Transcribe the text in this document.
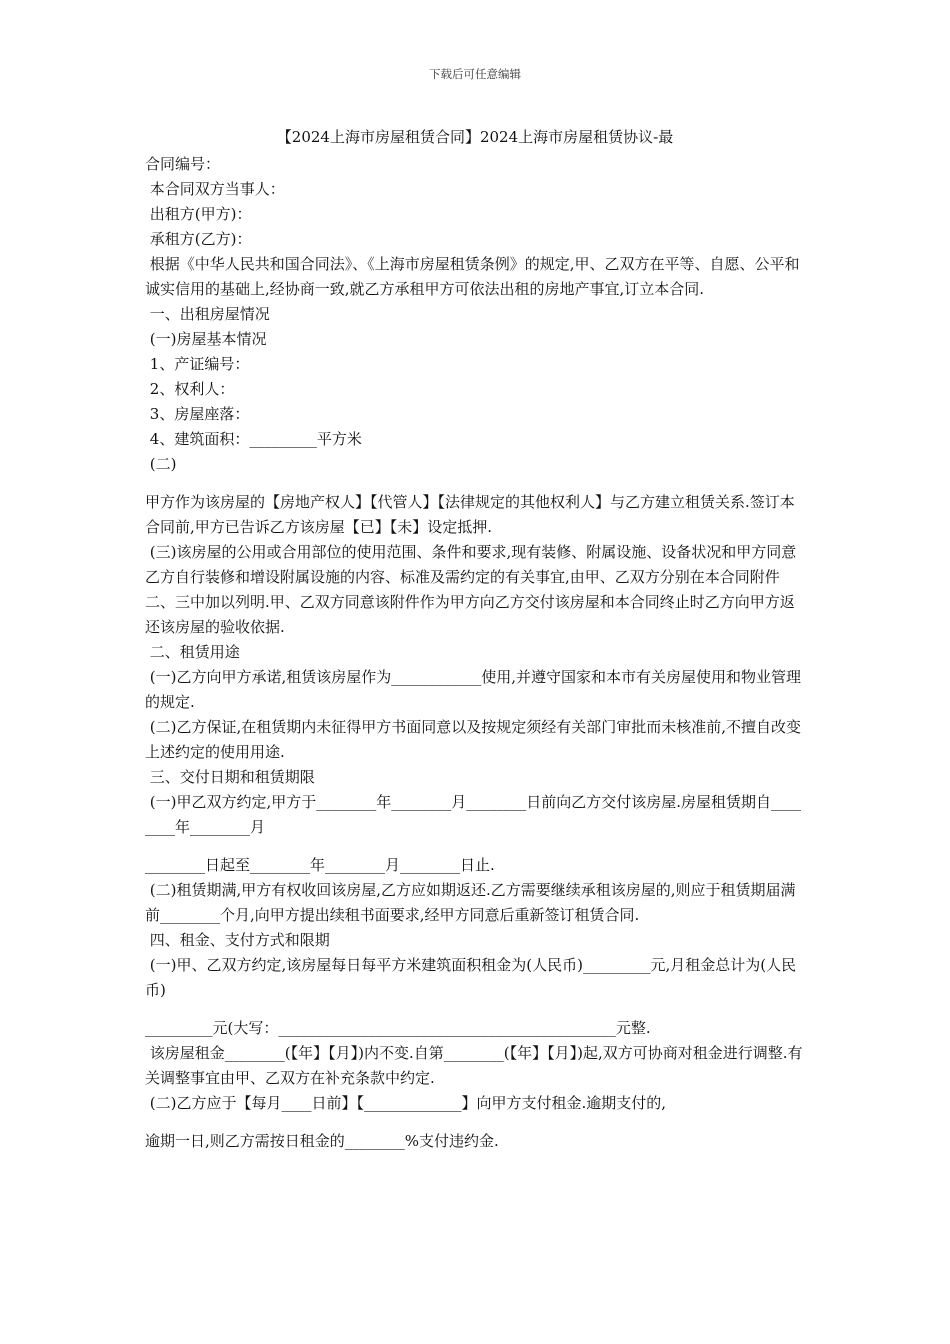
下载后可任意编辑
【2024上海市房屋租赁合同】2024上海市房屋租赁协议-最

合同编号：

本合同双方当事人：

出租方(甲方)：

承租方(乙方)：

根据《中华人民共和国合同法》、《上海市房屋租赁条例》的规定,甲、乙双方在平等、自愿、公平和诚实信用的基础上,经协商一致,就乙方承租甲方可依法出租的房地产事宜,订立本合同.

一、出租房屋情况

(一)房屋基本情况

1、产证编号：

2、权利人：

3、房屋座落：

4、建筑面积：_________平方米

(二)

甲方作为该房屋的【房地产权人】【代管人】【法律规定的其他权利人】与乙方建立租赁关系.签订本合同前,甲方已告诉乙方该房屋【已】【未】设定抵押.

(三)该房屋的公用或合用部位的使用范围、条件和要求,现有装修、附属设施、设备状况和甲方同意乙方自行装修和增设附属设施的内容、标准及需约定的有关事宜,由甲、乙双方分别在本合同附件二、三中加以列明.甲、乙双方同意该附件作为甲方向乙方交付该房屋和本合同终止时乙方向甲方返还该房屋的验收依据.

二、租赁用途

(一)乙方向甲方承诺,租赁该房屋作为____________使用,并遵守国家和本市有关房屋使用和物业管理的规定.

(二)乙方保证,在租赁期内未征得甲方书面同意以及按规定须经有关部门审批而未核准前,不擅自改变上述约定的使用用途.

三、交付日期和租赁期限

(一)甲乙双方约定,甲方于________年________月________日前向乙方交付该房屋.房屋租赁期自________年________月

________日起至________年________月________日止.

(二)租赁期满,甲方有权收回该房屋,乙方应如期返还.乙方需要继续承租该房屋的,则应于租赁期届满前________个月,向甲方提出续租书面要求,经甲方同意后重新签订租赁合同.

四、租金、支付方式和限期

(一)甲、乙双方约定,该房屋每日每平方米建筑面积租金为(人民币)_________元,月租金总计为(人民币)

_________元(大写：_____________________________________________元整.

该房屋租金________(【年】【月】)内不变.自第________(【年】【月】)起,双方可协商对租金进行调整.有关调整事宜由甲、乙双方在补充条款中约定.

(二)乙方应于【每月____日前】【_____________】向甲方支付租金.逾期支付的,

逾期一日,则乙方需按日租金的________%支付违约金.
